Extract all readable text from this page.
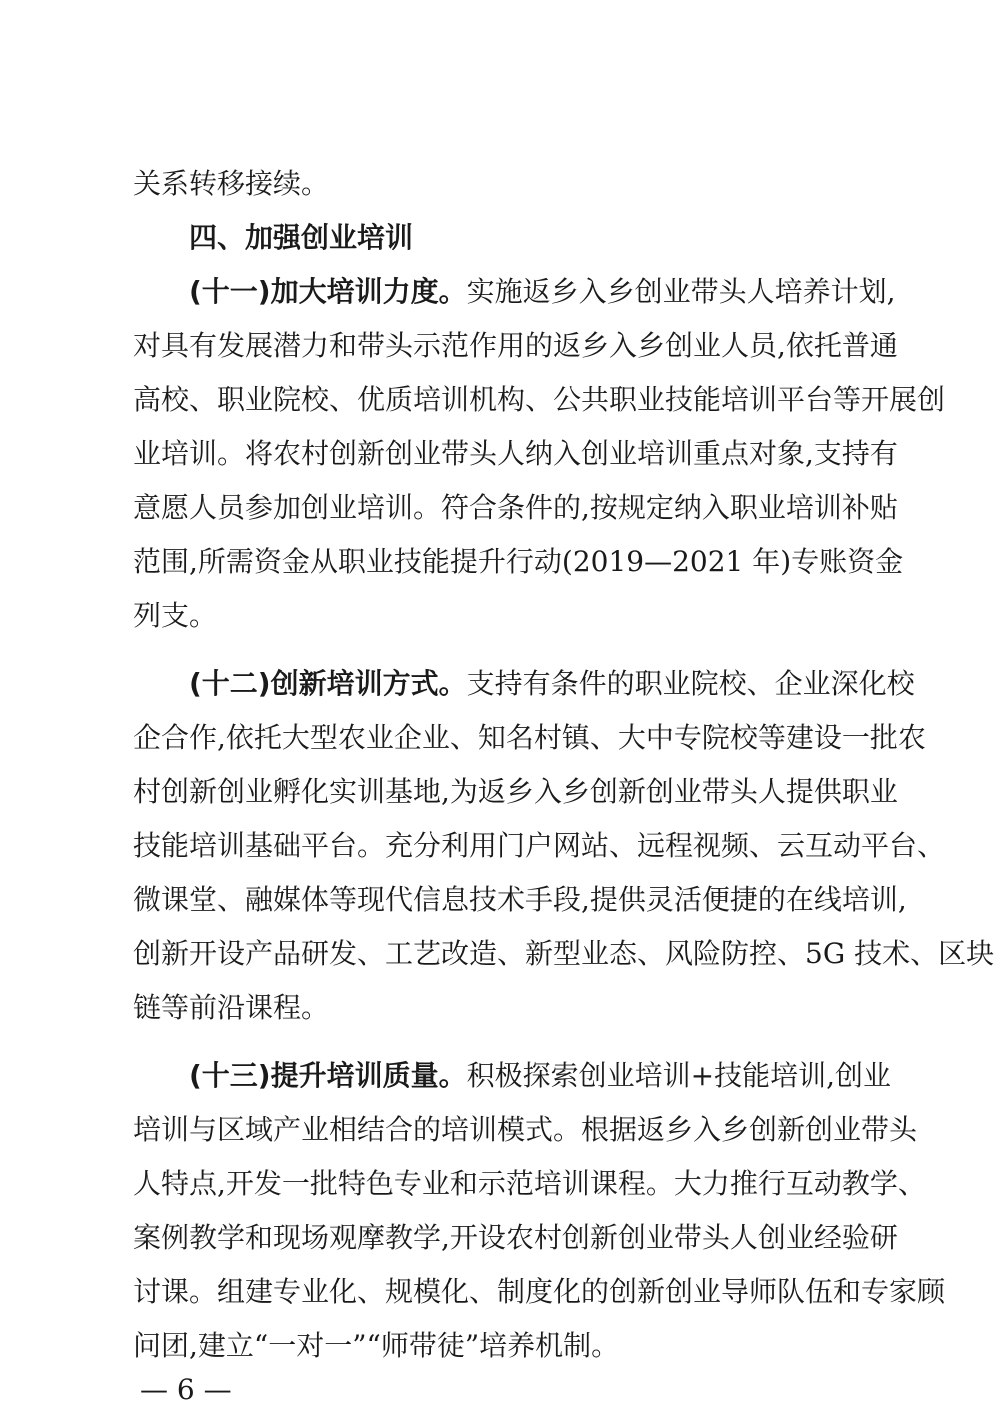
关系转移接续。
四、加强创业培训
(十一)加大培训力度。实施返乡入乡创业带头人培养计划,
对具有发展潜力和带头示范作用的返乡入乡创业人员,依托普通
高校、职业院校、优质培训机构、公共职业技能培训平台等开展创
业培训。将农村创新创业带头人纳入创业培训重点对象,支持有
意愿人员参加创业培训。符合条件的,按规定纳入职业培训补贴
范围,所需资金从职业技能提升行动(2019—2021 年)专账资金
列支。
(十二)创新培训方式。支持有条件的职业院校、企业深化校
企合作,依托大型农业企业、知名村镇、大中专院校等建设一批农
村创新创业孵化实训基地,为返乡入乡创新创业带头人提供职业
技能培训基础平台。充分利用门户网站、远程视频、云互动平台、
微课堂、融媒体等现代信息技术手段,提供灵活便捷的在线培训,
创新开设产品研发、工艺改造、新型业态、风险防控、5G 技术、区块
链等前沿课程。
(十三)提升培训质量。积极探索创业培训+技能培训,创业
培训与区域产业相结合的培训模式。根据返乡入乡创新创业带头
人特点,开发一批特色专业和示范培训课程。大力推行互动教学、
案例教学和现场观摩教学,开设农村创新创业带头人创业经验研
讨课。组建专业化、规模化、制度化的创新创业导师队伍和专家顾
问团,建立“一对一”“师带徒”培养机制。
— 6 —
